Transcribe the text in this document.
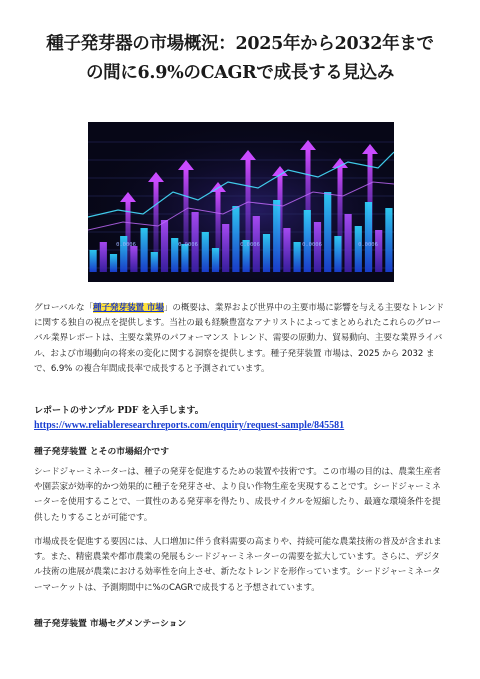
種子発芽器の市場概況：2025年から2032年まで
の間に6.9%のCAGRで成長する見込み
0.0006	0.0006	0.0006	0.0006	0.0006

グローバルな「種子発芽装置 市場」の概要は、業界および世界中の主要市場に影響を与える主要なトレンドに関する独自の視点を提供します。当社の最も経験豊富なアナリストによってまとめられたこれらのグローバル業界レポートは、主要な業界のパフォーマンス トレンド、需要の原動力、貿易動向、主要な業界ライバル、および市場動向の将来の変化に関する洞察を提供します。種子発芽装置 市場は、2025 から 2032 まで、6.9% の複合年間成長率で成長すると予測されています。

レポートのサンプル PDF を入手します。

https://www.reliableresearchreports.com/enquiry/request-sample/845581

種子発芽装置 とその市場紹介です

シードジャーミネーターは、種子の発芽を促進するための装置や技術です。この市場の目的は、農業生産者や園芸家が効率的かつ効果的に種子を発芽させ、より良い作物生産を実現することです。シードジャーミネーターを使用することで、一貫性のある発芽率を得たり、成長サイクルを短縮したり、最適な環境条件を提供したりすることが可能です。

市場成長を促進する要因には、人口増加に伴う食料需要の高まりや、持続可能な農業技術の普及が含まれます。また、精密農業や都市農業の発展もシードジャーミネーターの需要を拡大しています。さらに、デジタル技術の進展が農業における効率性を向上させ、新たなトレンドを形作っています。シードジャーミネーターマーケットは、予測期間中に%のCAGRで成長すると予想されています。

種子発芽装置 市場セグメンテーション
